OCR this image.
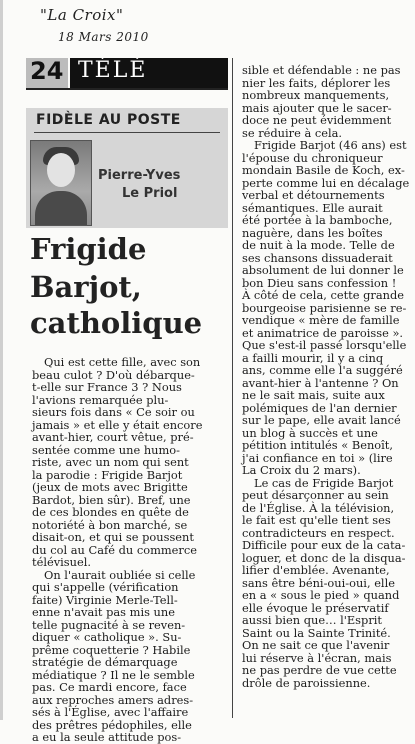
"La Croix"
18 Mars 2010
24 TÉLÉ
FIDÈLE AU POSTE
Pierre-Yves
Le Priol
Frigide
Barjot,
catholique
Qui est cette fille, avec son
beau culot ? D'où débarque-
t-elle sur France 3 ? Nous
l'avions remarquée plu-
sieurs fois dans « Ce soir ou
jamais » et elle y était encore
avant-hier, court vêtue, pré-
sentée comme une humo-
riste, avec un nom qui sent
la parodie : Frigide Barjot
(jeux de mots avec Brigitte
Bardot, bien sûr). Bref, une
de ces blondes en quête de
notoriété à bon marché, se
disait-on, et qui se poussent
du col au Café du commerce
télévisuel.
On l'aurait oubliée si celle
qui s'appelle (vérification
faite) Virginie Merle-Tell-
enne n'avait pas mis une
telle pugnacité à se reven-
diquer « catholique ». Su-
prême coquetterie ? Habile
stratégie de démarquage
médiatique ? Il ne le semble
pas. Ce mardi encore, face
aux reproches amers adres-
sés à l'Église, avec l'affaire
des prêtres pédophiles, elle
a eu la seule attitude pos-
sible et défendable : ne pas
nier les faits, déplorer les
nombreux manquements,
mais ajouter que le sacer-
doce ne peut évidemment
se réduire à cela.
Frigide Barjot (46 ans) est
l'épouse du chroniqueur
mondain Basile de Koch, ex-
perte comme lui en décalage
verbal et détournements
sémantiques. Elle aurait
été portée à la bamboche,
naguère, dans les boîtes
de nuit à la mode. Telle de
ses chansons dissuaderait
absolument de lui donner le
bon Dieu sans confession !
À côté de cela, cette grande
bourgeoise parisienne se re-
vendique « mère de famille
et animatrice de paroisse ».
Que s'est-il passé lorsqu'elle
a failli mourir, il y a cinq
ans, comme elle l'a suggéré
avant-hier à l'antenne ? On
ne le sait mais, suite aux
polémiques de l'an dernier
sur le pape, elle avait lancé
un blog à succès et une
pétition intitulés « Benoît,
j'ai confiance en toi » (lire
La Croix du 2 mars).
Le cas de Frigide Barjot
peut désarçonner au sein
de l'Église. À la télévision,
le fait est qu'elle tient ses
contradicteurs en respect.
Difficile pour eux de la cata-
loguer, et donc de la disqua-
lifier d'emblée. Avenante,
sans être béni-oui-oui, elle
en a « sous le pied » quand
elle évoque le préservatif
aussi bien que… l'Esprit
Saint ou la Sainte Trinité.
On ne sait ce que l'avenir
lui réserve à l'écran, mais
ne pas perdre de vue cette
drôle de paroissienne.
